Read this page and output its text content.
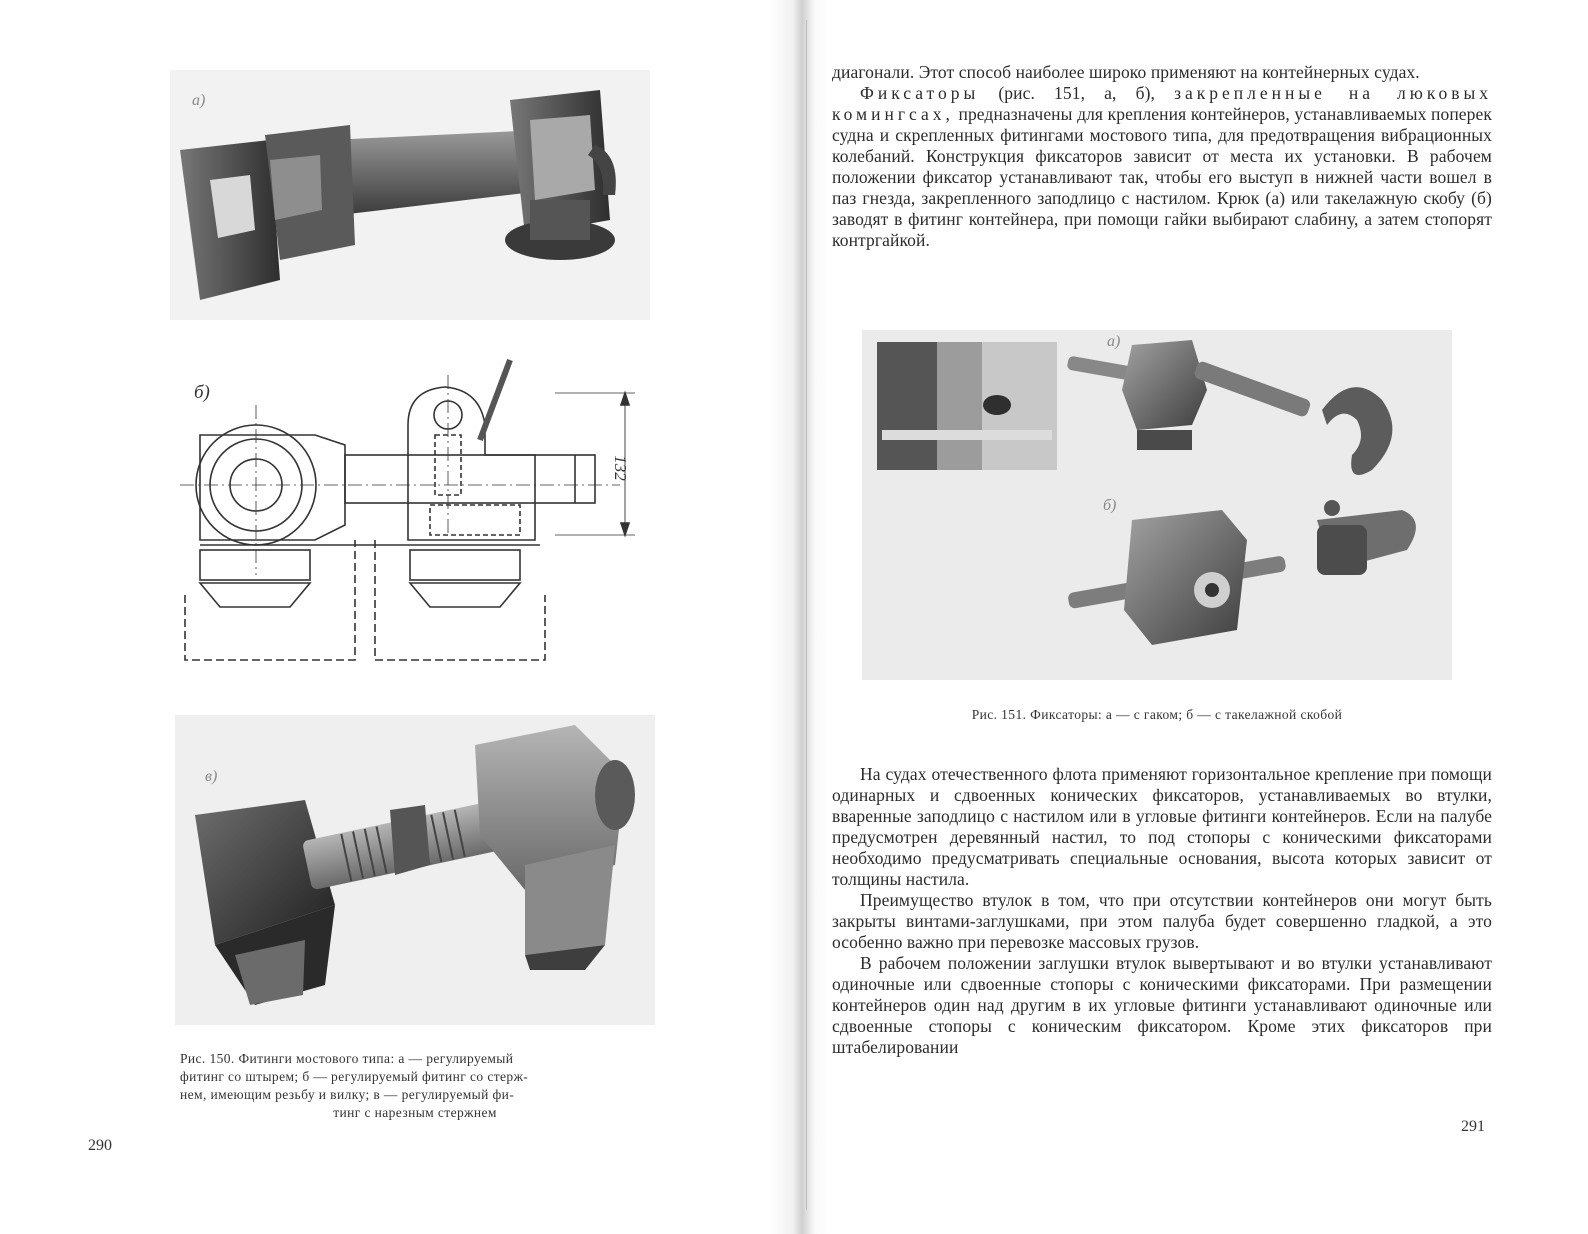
а)
б)
132
в)
Рис. 150. Фитинги мостового типа: а — регулируемый
фитинг со штырем; б — регулируемый фитинг со стерж-
нем, имеющим резьбу и вилку; в — регулируемый фи-
тинг с нарезным стержнем
290

диагонали. Этот способ наиболее широко применяют на контейнерных судах.

Фиксаторы (рис. 151, а, б), закрепленные на люковых комингсах, предназначены для крепления контейнеров, устанавливаемых поперек судна и скрепленных фитингами мостового типа, для предотвращения вибрационных колебаний. Конструкция фиксаторов зависит от места их установки. В рабочем положении фиксатор устанавливают так, чтобы его выступ в нижней части вошел в паз гнезда, закрепленного заподлицо с настилом. Крюк (а) или такелажную скобу (б) заводят в фитинг контейнера, при помощи гайки выбирают слабину, а затем стопорят контргайкой.

а)
б)
Рис. 151. Фиксаторы: а — с гаком; б — с такелажной скобой

На судах отечественного флота применяют горизонтальное крепление при помощи одинарных и сдвоенных конических фиксаторов, устанавливаемых во втулки, вваренные заподлицо с настилом или в угловые фитинги контейнеров. Если на палубе предусмотрен деревянный настил, то под стопоры с коническими фиксаторами необходимо предусматривать специальные основания, высота которых зависит от толщины настила.

Преимущество втулок в том, что при отсутствии контейнеров они могут быть закрыты винтами-заглушками, при этом палуба будет совершенно гладкой, а это особенно важно при перевозке массовых грузов.

В рабочем положении заглушки втулок вывертывают и во втулки устанавливают одиночные или сдвоенные стопоры с коническими фиксаторами. При размещении контейнеров один над другим в их угловые фитинги устанавливают одиночные или сдвоенные стопоры с коническим фиксатором. Кроме этих фиксаторов при штабелировании

291
